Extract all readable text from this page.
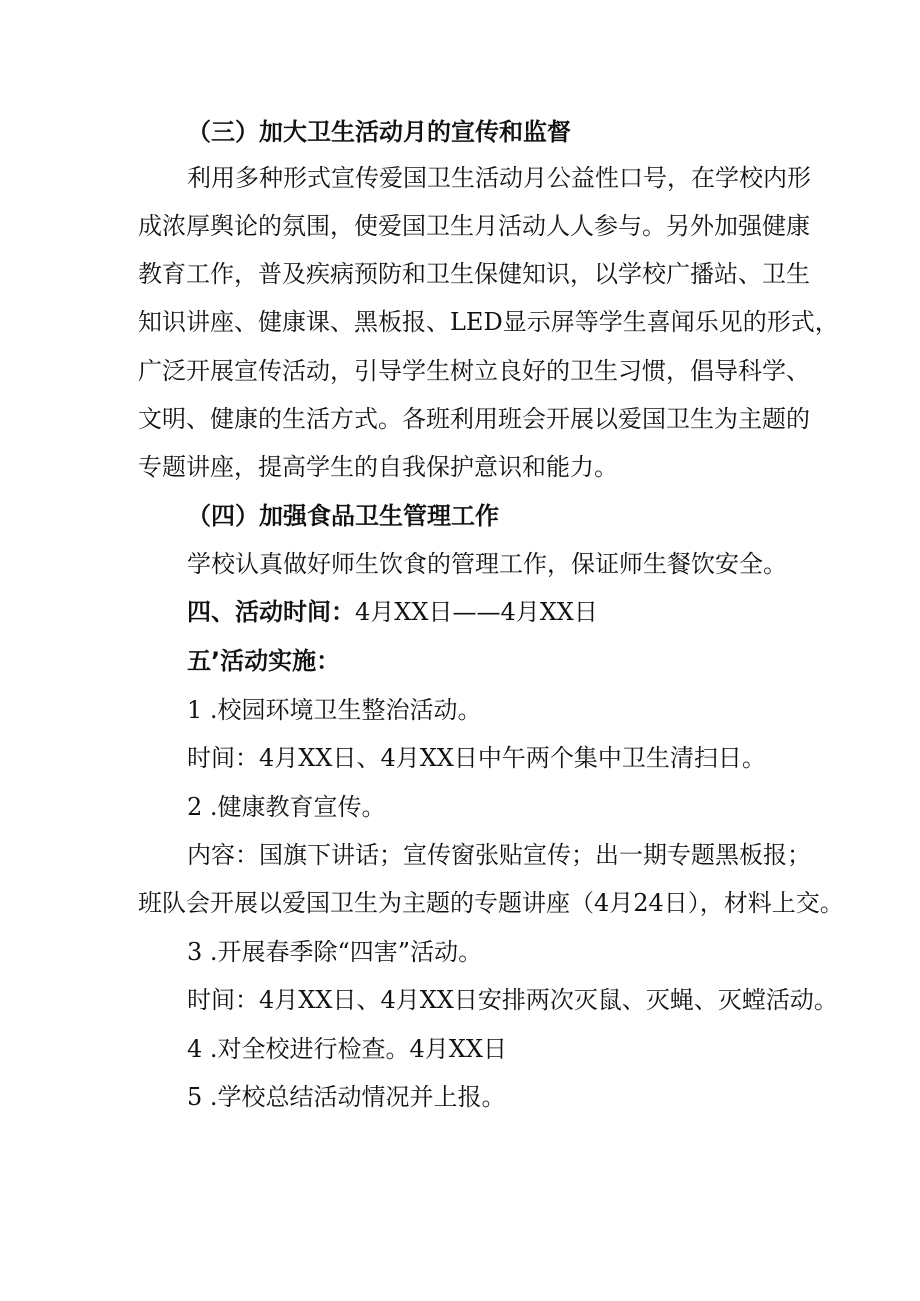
（三）加大卫生活动月的宣传和监督
利用多种形式宣传爱国卫生活动月公益性口号，在学校内形
成浓厚舆论的氛围，使爱国卫生月活动人人参与。另外加强健康
教育工作，普及疾病预防和卫生保健知识，以学校广播站、卫生
知识讲座、健康课、黑板报、LED显示屏等学生喜闻乐见的形式，
广泛开展宣传活动，引导学生树立良好的卫生习惯，倡导科学、
文明、健康的生活方式。各班利用班会开展以爱国卫生为主题的
专题讲座，提高学生的自我保护意识和能力。
（四）加强食品卫生管理工作
学校认真做好师生饮食的管理工作，保证师生餐饮安全。
四、活动时间：4月XX日——4月XX日
五’活动实施：
1 .校园环境卫生整治活动。
时间：4月XX日、4月XX日中午两个集中卫生清扫日。
2 .健康教育宣传。
内容：国旗下讲话；宣传窗张贴宣传；出一期专题黑板报；
班队会开展以爱国卫生为主题的专题讲座（4月24日），材料上交。
3 .开展春季除“四害”活动。
时间：4月XX日、4月XX日安排两次灭鼠、灭蝇、灭螳活动。
4 .对全校进行检查。4月XX日
5 .学校总结活动情况并上报。
